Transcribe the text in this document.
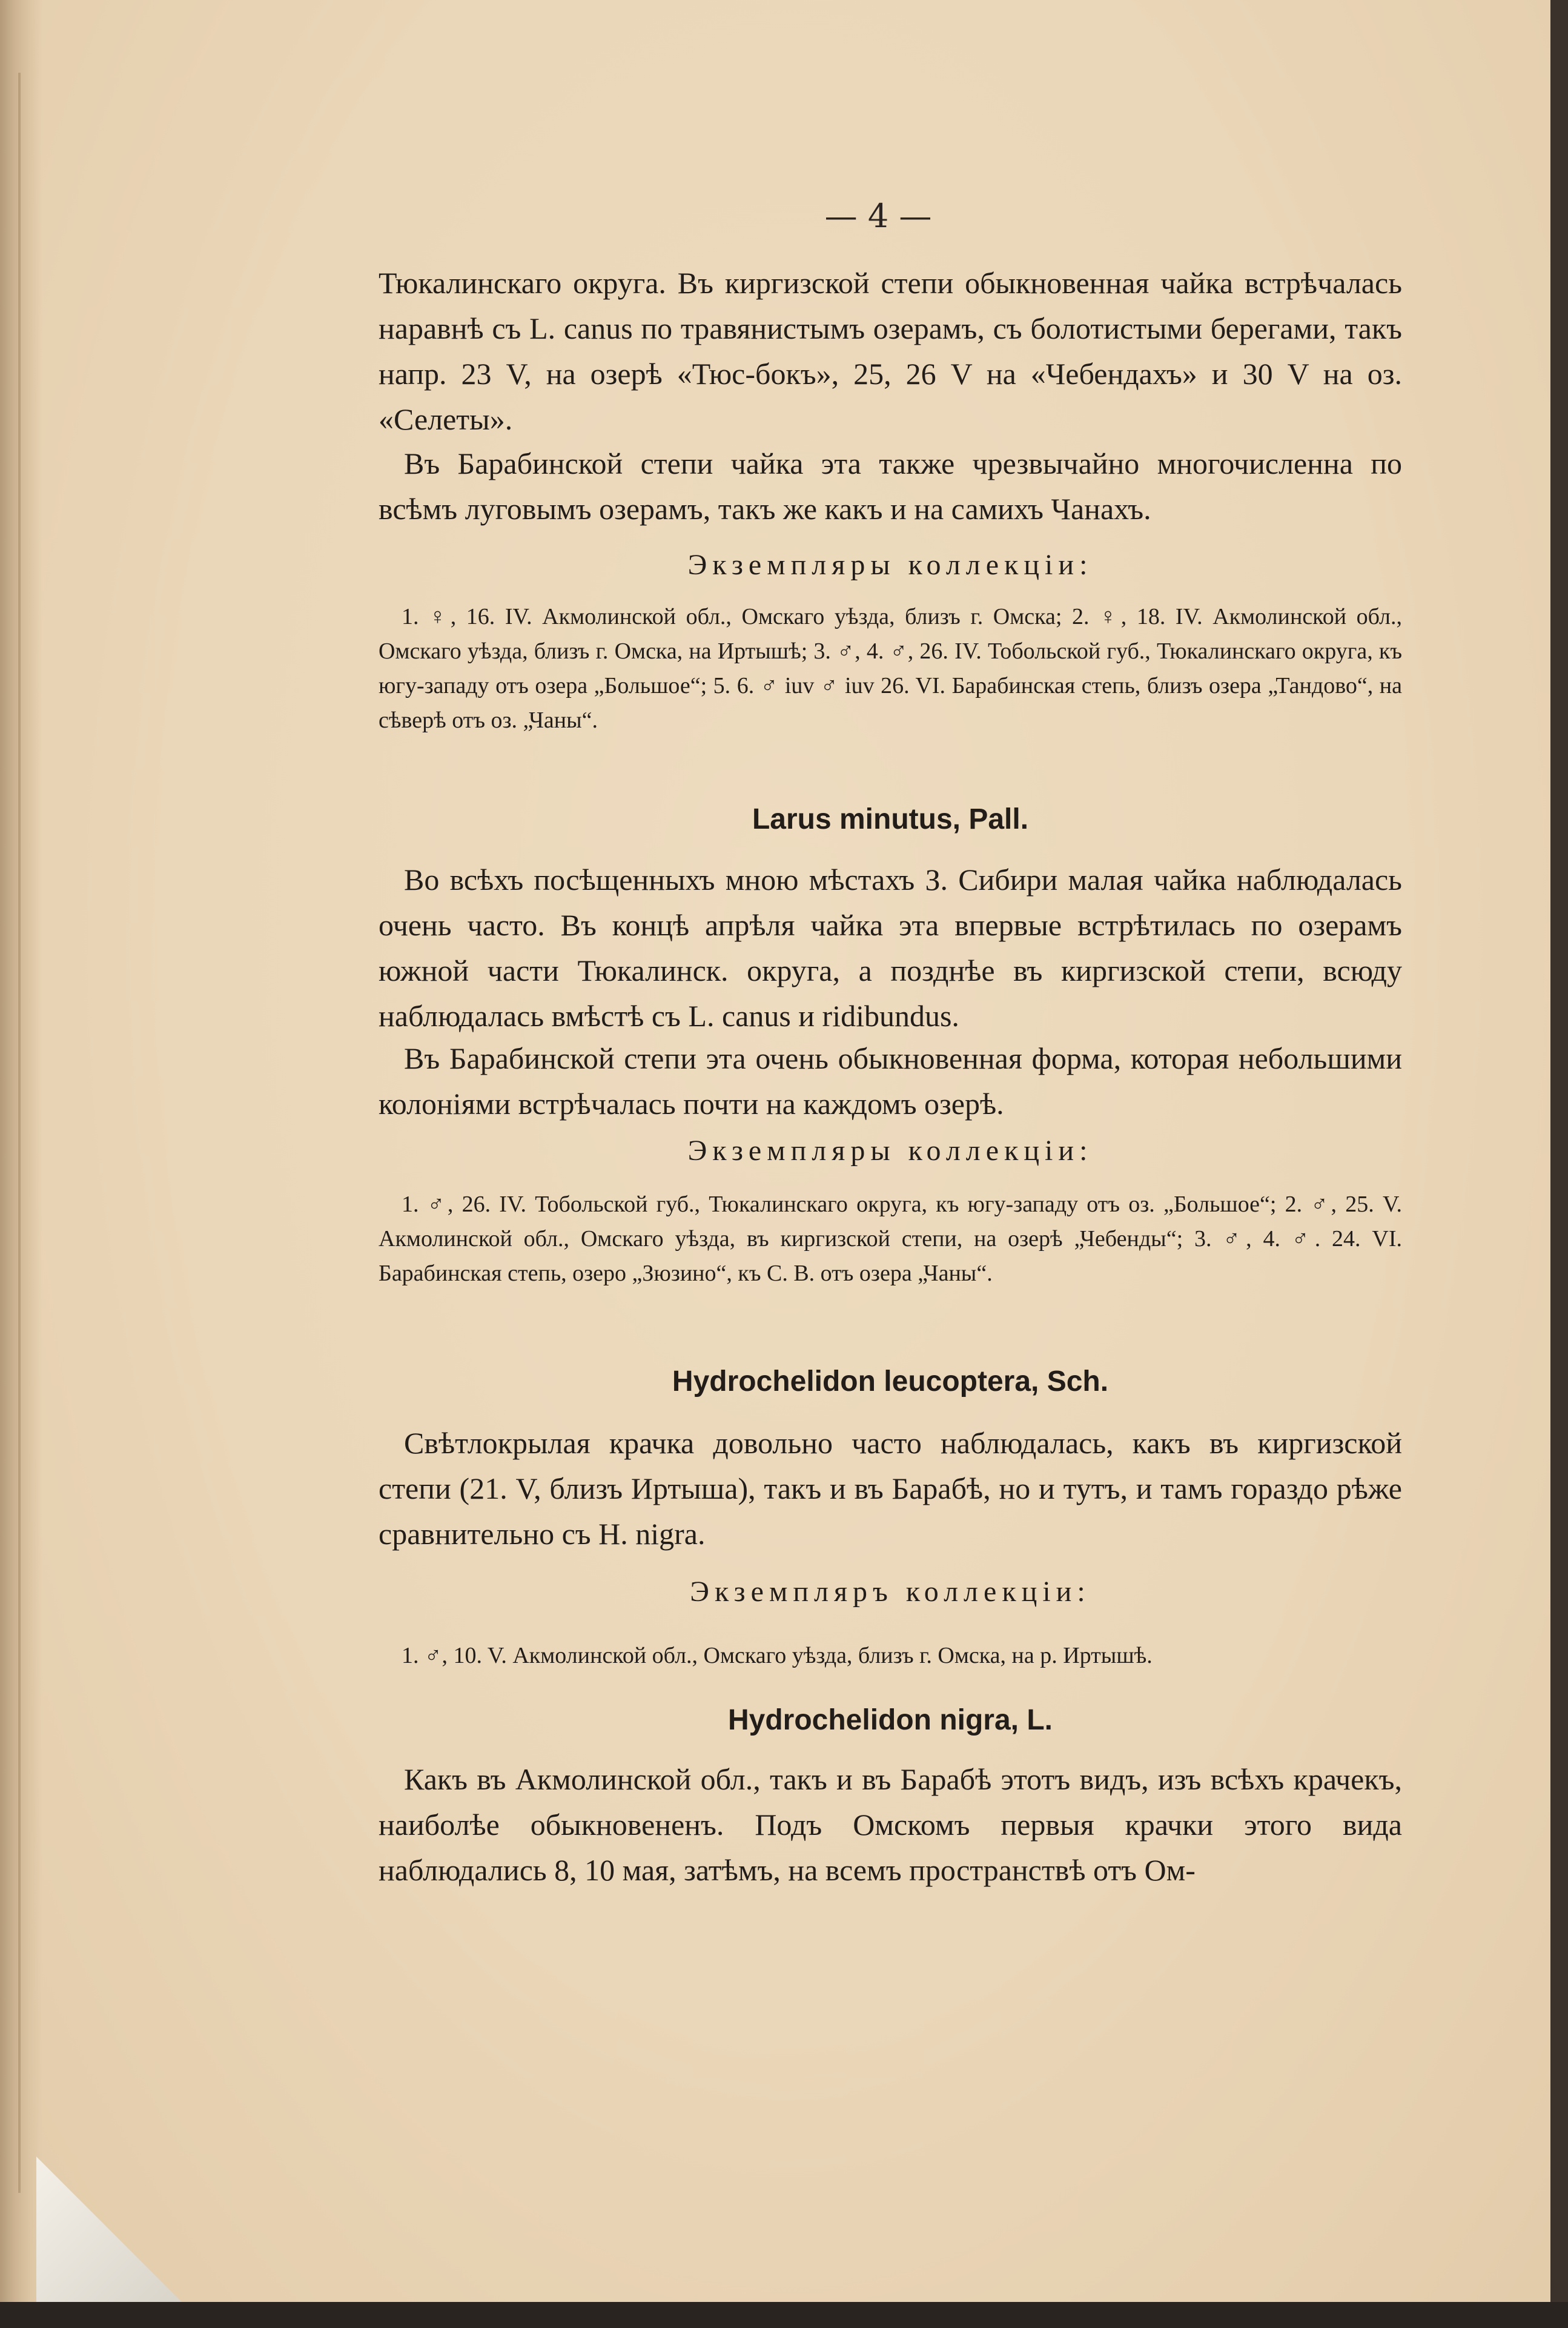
— 4 —

Тюкалинскаго округа. Въ киргизской степи обыкновенная чайка встрѣчалась наравнѣ съ L. canus по травянистымъ озерамъ, съ болотистыми берегами, такъ напр. 23 V, на озерѣ «Тюс-бокъ», 25, 26 V на «Чебендахъ» и 30 V на оз. «Селеты».

Въ Барабинской степи чайка эта также чрезвычайно многочисленна по всѣмъ луговымъ озерамъ, такъ же какъ и на самихъ Чанахъ.

Экземпляры коллекціи:

1. ♀, 16. IV. Акмолинской обл., Омскаго уѣзда, близъ г. Омска; 2. ♀, 18. IV. Акмолинской обл., Омскаго уѣзда, близъ г. Омска, на Иртышѣ; 3. ♂, 4. ♂, 26. IV. Тобольской губ., Тюкалинскаго округа, къ югу-западу отъ озера „Большое“; 5. 6. ♂ iuv ♂ iuv 26. VI. Барабинская степь, близъ озера „Тандово“, на сѣверѣ отъ оз. „Чаны“.

Larus minutus, Pall.

Во всѣхъ посѣщенныхъ мною мѣстахъ З. Сибири малая чайка наблюдалась очень часто. Въ концѣ апрѣля чайка эта впервые встрѣтилась по озерамъ южной части Тюкалинск. округа, а позднѣе въ киргизской степи, всюду наблюдалась вмѣстѣ съ L. canus и ridibundus.

Въ Барабинской степи эта очень обыкновенная форма, которая небольшими колоніями встрѣчалась почти на каждомъ озерѣ.

Экземпляры коллекціи:

1. ♂, 26. IV. Тобольской губ., Тюкалинскаго округа, къ югу-западу отъ оз. „Большое“; 2. ♂, 25. V. Акмолинской обл., Омскаго уѣзда, въ киргизской степи, на озерѣ „Чебенды“; 3. ♂, 4. ♂. 24. VI. Барабинская степь, озеро „Зюзино“, къ С. В. отъ озера „Чаны“.

Hydrochelidon leucoptera, Sch.

Свѣтлокрылая крачка довольно часто наблюдалась, какъ въ киргизской степи (21. V, близъ Иртыша), такъ и въ Барабѣ, но и тутъ, и тамъ гораздо рѣже сравнительно съ H. nigra.

Экземпляръ коллекціи:

1. ♂, 10. V. Акмолинской обл., Омскаго уѣзда, близъ г. Омска, на р. Иртышѣ.

Hydrochelidon nigra, L.

Какъ въ Акмолинской обл., такъ и въ Барабѣ этотъ видъ, изъ всѣхъ крачекъ, наиболѣе обыкновененъ. Подъ Омскомъ первыя крачки этого вида наблюдались 8, 10 мая, затѣмъ, на всемъ пространствѣ отъ Ом-
